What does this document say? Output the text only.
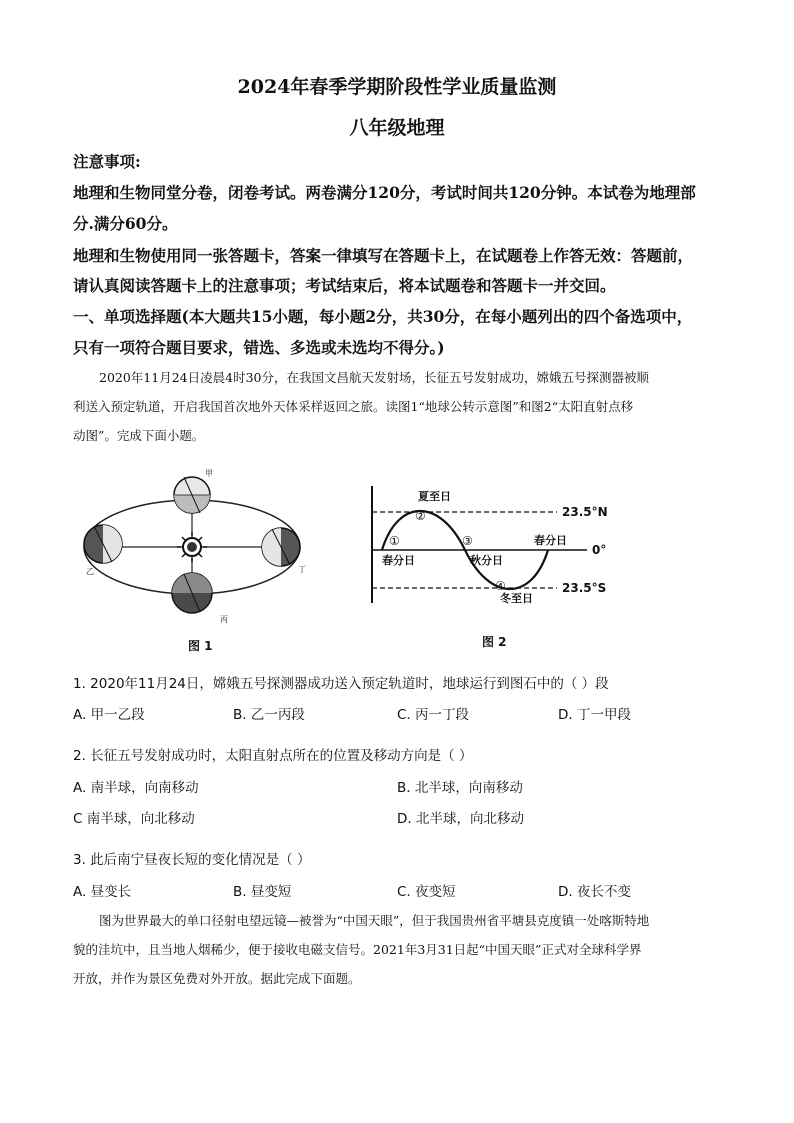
2024年春季学期阶段性学业质量监测
八年级地理
注意事项:
地理和生物同堂分卷，闭卷考试。两卷满分120分，考试时间共120分钟。本试卷为地理部
分.满分60分。
地理和生物使用同一张答题卡，答案一律填写在答题卡上，在试题卷上作答无效：答题前，
请认真阅读答题卡上的注意事项；考试结束后，将本试题卷和答题卡一并交回。
一、单项选择题(本大题共15小题，每小题2分，共30分，在每小题列出的四个备选项中，
只有一项符合题目要求，错选、多选或未选均不得分。)
2020年11月24日凌晨4时30分，在我国文昌航天发射场，长征五号发射成功，嫦娥五号探测器被顺
利送入预定轨道，开启我国首次地外天体采样返回之旅。读图1“地球公转示意图”和图2“太阳直射点移
动图”。完成下面小题。
甲
乙	丁
丙
图 1
23.5°N
0°
23.5°S
夏至日
春分日	秋分日
春分日
冬至日
①
②
③
④
图 2
1. 2020年11月24日，嫦娥五号探测器成功送入预定轨道时，地球运行到图石中的（ ）段
A. 甲一乙段	B. 乙一丙段	C. 丙一丁段	D. 丁一甲段
2. 长征五号发射成功时，太阳直射点所在的位置及移动方向是（ ）
A. 南半球，向南移动	B. 北半球，向南移动
C 南半球，向北移动	D. 北半球，向北移动
3. 此后南宁昼夜长短的变化情况是（ ）
A. 昼变长	B. 昼变短	C. 夜变短	D. 夜长不变
图为世界最大的单口径射电望远镜—被誉为“中国天眼”，但于我国贵州省平塘县克度镇一处喀斯特地
貌的洼坑中，且当地人烟稀少，便于接收电磁支信号。2021年3月31日起“中国天眼”正式对全球科学界
开放，并作为景区免费对外开放。据此完成下面题。
